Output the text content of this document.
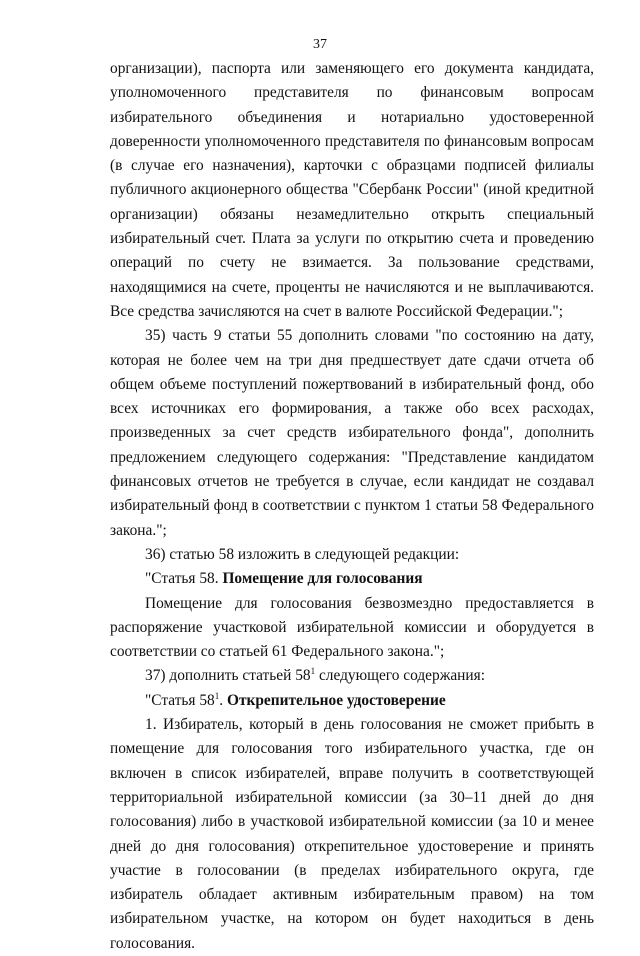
37

организации), паспорта или заменяющего его документа кандидата, уполномоченного представителя по финансовым вопросам избирательного объединения и нотариально удостоверенной доверенности уполномоченного представителя по финансовым вопросам (в случае его назначения), карточки с образцами подписей филиалы публичного акционерного общества "Сбербанк России" (иной кредитной организации) обязаны незамедлительно открыть специальный избирательный счет. Плата за услуги по открытию счета и проведению операций по счету не взимается. За пользование средствами, находящимися на счете, проценты не начисляются и не выплачиваются. Все средства зачисляются на счет в валюте Российской Федерации.";

35) часть 9 статьи 55 дополнить словами "по состоянию на дату, которая не более чем на три дня предшествует дате сдачи отчета об общем объеме поступлений пожертвований в избирательный фонд, обо всех источниках его формирования, а также обо всех расходах, произведенных за счет средств избирательного фонда", дополнить предложением следующего содержания: "Представление кандидатом финансовых отчетов не требуется в случае, если кандидат не создавал избирательный фонд в соответствии с пунктом 1 статьи 58 Федерального закона.";

36) статью 58 изложить в следующей редакции:

"Статья 58. Помещение для голосования

Помещение для голосования безвозмездно предоставляется в распоряжение участковой избирательной комиссии и оборудуется в соответствии со статьей 61 Федерального закона.";

37) дополнить статьей $58^1$ следующего содержания:

"Статья $58^1$. Открепительное удостоверение

1. Избиратель, который в день голосования не сможет прибыть в помещение для голосования того избирательного участка, где он включен в список избирателей, вправе получить в соответствующей территориальной избирательной комиссии (за 30–11 дней до дня голосования) либо в участковой избирательной комиссии (за 10 и менее дней до дня голосования) открепительное удостоверение и принять участие в голосовании (в пределах избирательного округа, где избиратель обладает активным избирательным правом) на том избирательном участке, на котором он будет находиться в день голосования.
